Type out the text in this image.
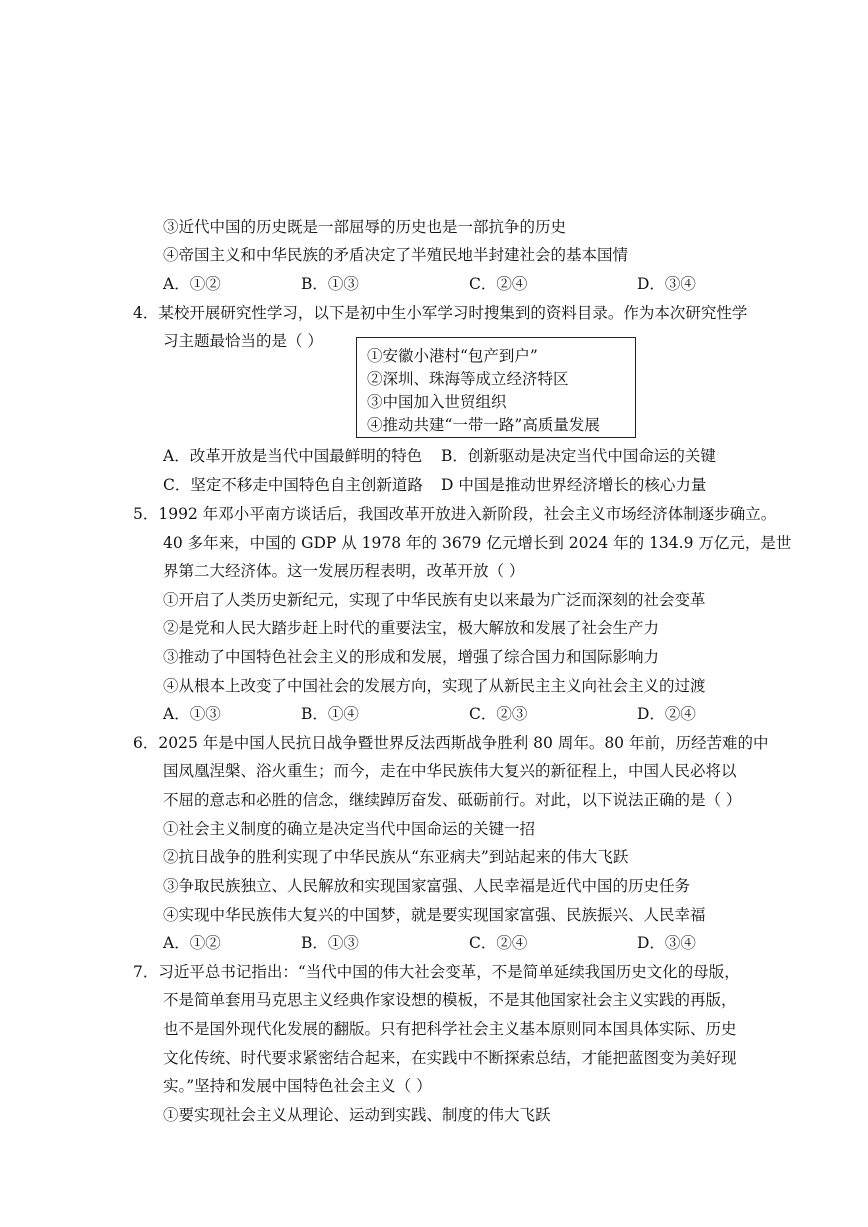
③近代中国的历史既是一部屈辱的历史也是一部抗争的历史
④帝国主义和中华民族的矛盾决定了半殖民地半封建社会的基本国情
A．①②	B．①③	C．②④	D．③④
4．某校开展研究性学习，以下是初中生小军学习时搜集到的资料目录。作为本次研究性学
习主题最恰当的是（ ）
①安徽小港村“包产到户”
②深圳、珠海等成立经济特区
③中国加入世贸组织
④推动共建“一带一路”高质量发展
A．改革开放是当代中国最鲜明的特色 B．创新驱动是决定当代中国命运的关键
C．坚定不移走中国特色自主创新道路 D 中国是推动世界经济增长的核心力量
5．1992 年邓小平南方谈话后，我国改革开放进入新阶段，社会主义市场经济体制逐步确立。
40 多年来，中国的 GDP 从 1978 年的 3679 亿元增长到 2024 年的 134.9 万亿元，是世
界第二大经济体。这一发展历程表明，改革开放（ ）
①开启了人类历史新纪元，实现了中华民族有史以来最为广泛而深刻的社会变革
②是党和人民大踏步赶上时代的重要法宝，极大解放和发展了社会生产力
③推动了中国特色社会主义的形成和发展，增强了综合国力和国际影响力
④从根本上改变了中国社会的发展方向，实现了从新民主主义向社会主义的过渡
A．①③	B．①④	C．②③	D．②④
6．2025 年是中国人民抗日战争暨世界反法西斯战争胜利 80 周年。80 年前，历经苦难的中
国凤凰涅槃、浴火重生；而今，走在中华民族伟大复兴的新征程上，中国人民必将以
不屈的意志和必胜的信念，继续踔厉奋发、砥砺前行。对此，以下说法正确的是（ ）
①社会主义制度的确立是决定当代中国命运的关键一招
②抗日战争的胜利实现了中华民族从“东亚病夫”到站起来的伟大飞跃
③争取民族独立、人民解放和实现国家富强、人民幸福是近代中国的历史任务
④实现中华民族伟大复兴的中国梦，就是要实现国家富强、民族振兴、人民幸福
A．①②	B．①③	C．②④	D．③④
7．习近平总书记指出：“当代中国的伟大社会变革，不是简单延续我国历史文化的母版，
不是简单套用马克思主义经典作家设想的模板，不是其他国家社会主义实践的再版，
也不是国外现代化发展的翻版。只有把科学社会主义基本原则同本国具体实际、历史
文化传统、时代要求紧密结合起来，在实践中不断探索总结，才能把蓝图变为美好现
实。”坚持和发展中国特色社会主义（ ）
①要实现社会主义从理论、运动到实践、制度的伟大飞跃
